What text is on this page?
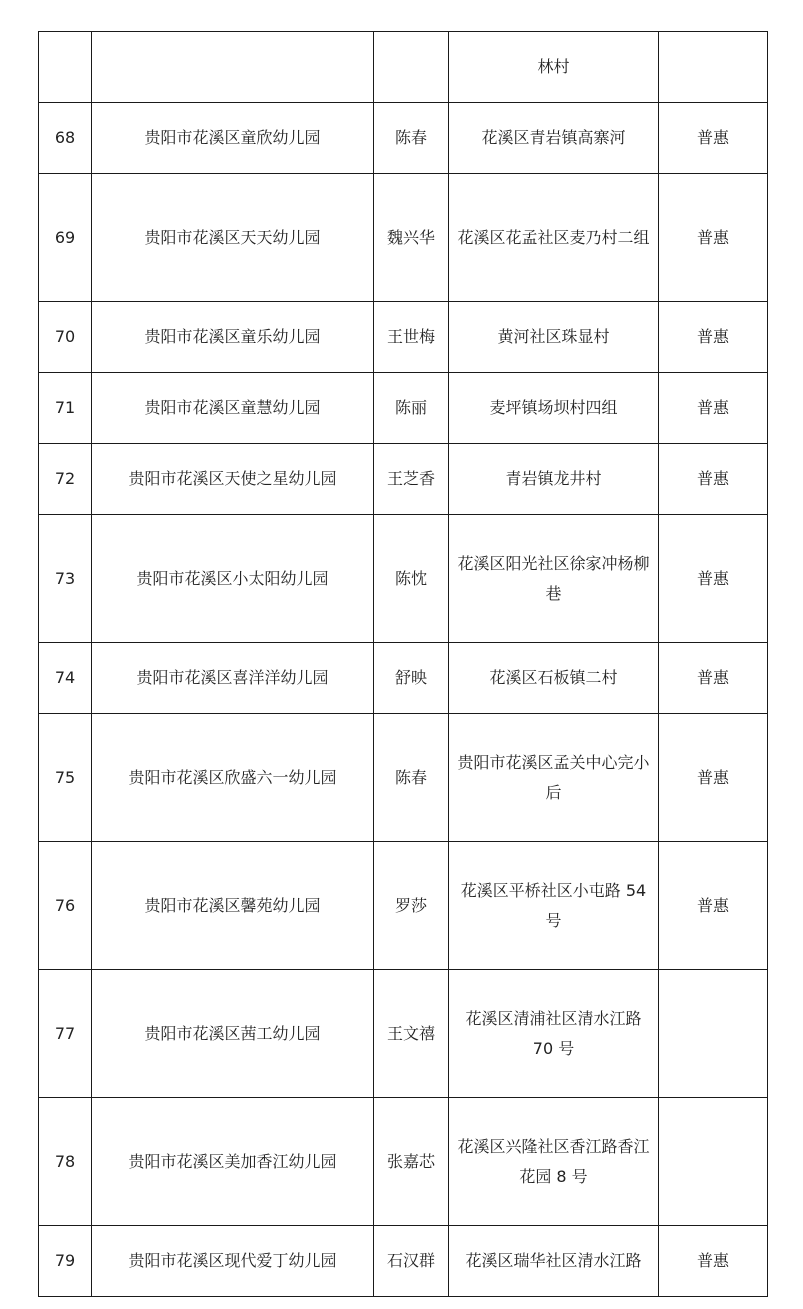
			林村	
68	贵阳市花溪区童欣幼儿园	陈春	花溪区青岩镇高寨河	普惠
69	贵阳市花溪区天天幼儿园	魏兴华	花溪区花孟社区麦乃村二组	普惠
70	贵阳市花溪区童乐幼儿园	王世梅	黄河社区珠显村	普惠
71	贵阳市花溪区童慧幼儿园	陈丽	麦坪镇场坝村四组	普惠
72	贵阳市花溪区天使之星幼儿园	王芝香	青岩镇龙井村	普惠
73	贵阳市花溪区小太阳幼儿园	陈忱	花溪区阳光社区徐家冲杨柳巷	普惠
74	贵阳市花溪区喜洋洋幼儿园	舒映	花溪区石板镇二村	普惠
75	贵阳市花溪区欣盛六一幼儿园	陈春	贵阳市花溪区孟关中心完小后	普惠
76	贵阳市花溪区馨苑幼儿园	罗莎	花溪区平桥社区小屯路 54 号	普惠
77	贵阳市花溪区茜工幼儿园	王文禧	花溪区清浦社区清水江路 70 号	
78	贵阳市花溪区美加香江幼儿园	张嘉芯	花溪区兴隆社区香江路香江花园 8 号	
79	贵阳市花溪区现代爱丁幼儿园	石汉群	花溪区瑞华社区清水江路	普惠
